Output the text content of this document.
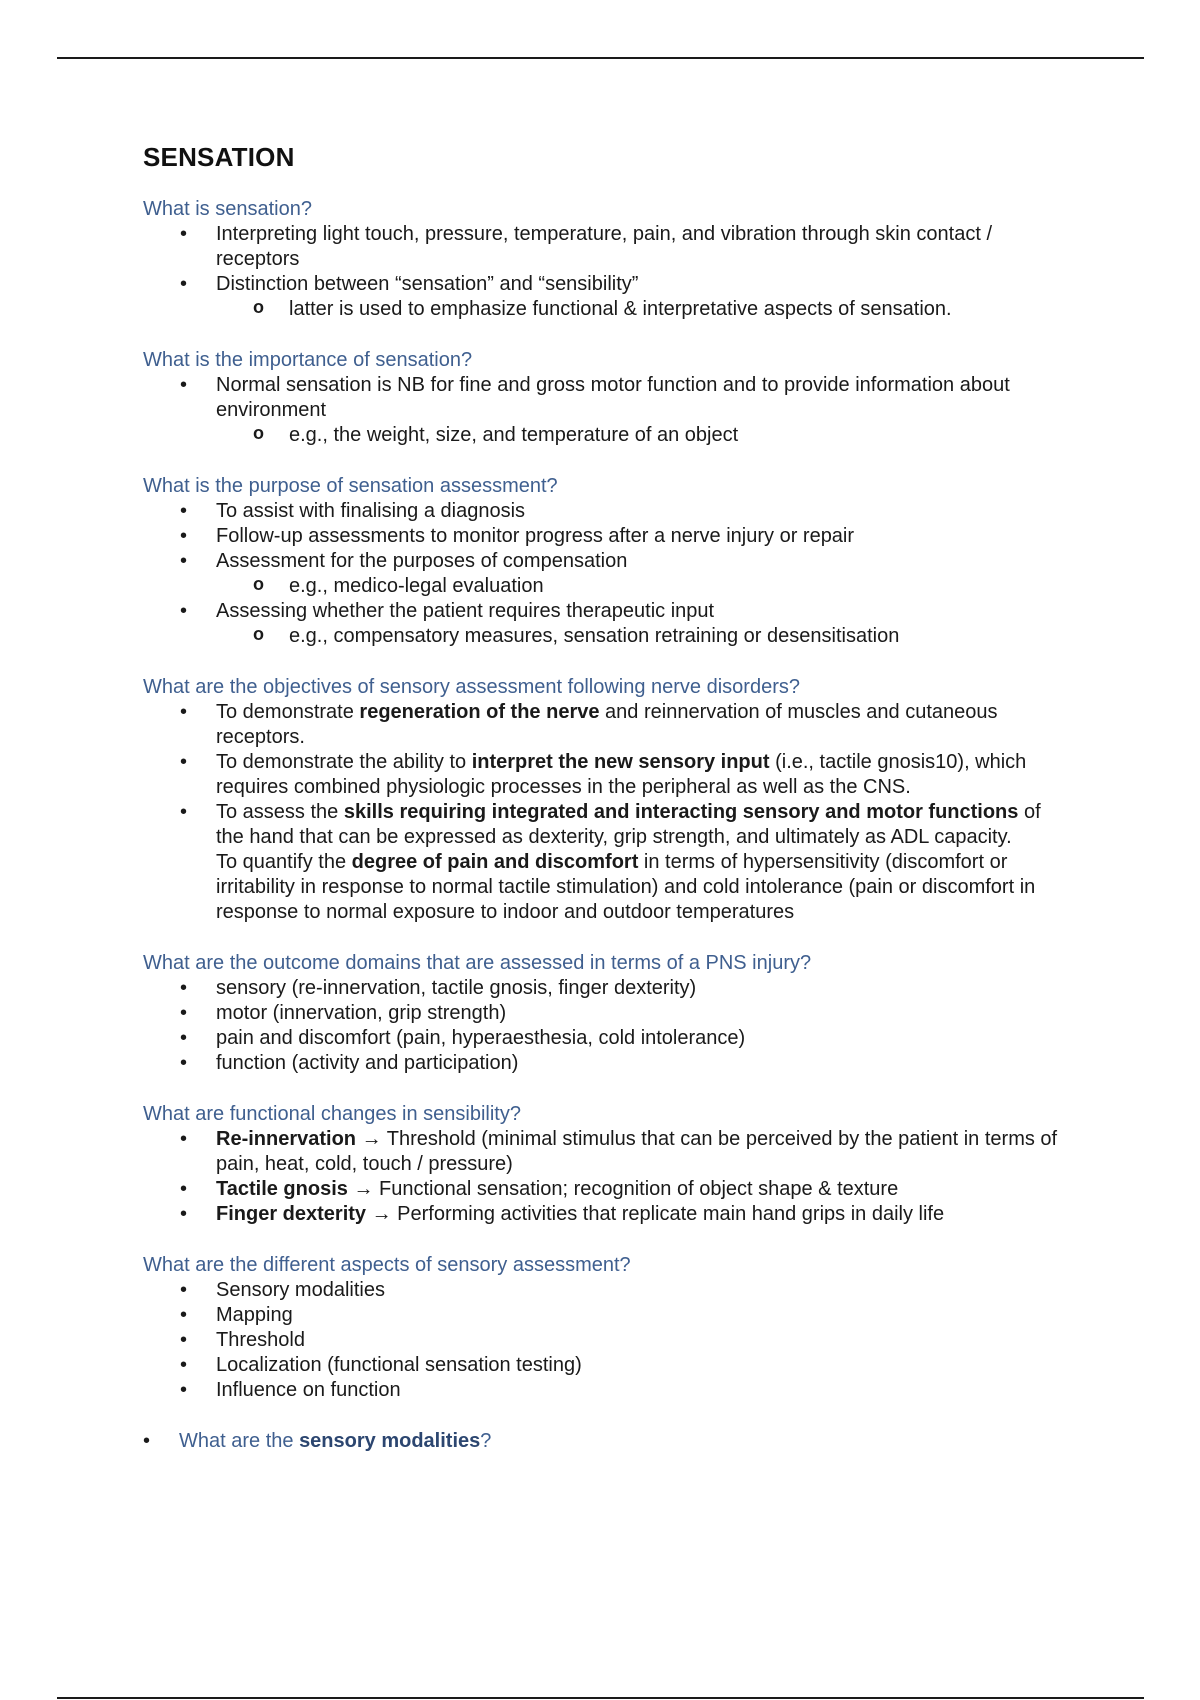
SENSATION

What is sensation?

• Interpreting light touch, pressure, temperature, pain, and vibration through skin contact / receptors
• Distinction between “sensation” and “sensibility”
o latter is used to emphasize functional & interpretative aspects of sensation.

What is the importance of sensation?

• Normal sensation is NB for fine and gross motor function and to provide information about environment
o e.g., the weight, size, and temperature of an object

What is the purpose of sensation assessment?

• To assist with finalising a diagnosis
• Follow-up assessments to monitor progress after a nerve injury or repair
• Assessment for the purposes of compensation
o e.g., medico-legal evaluation
• Assessing whether the patient requires therapeutic input
o e.g., compensatory measures, sensation retraining or desensitisation

What are the objectives of sensory assessment following nerve disorders?

• To demonstrate regeneration of the nerve and reinnervation of muscles and cutaneous receptors.
• To demonstrate the ability to interpret the new sensory input (i.e., tactile gnosis10), which requires combined physiologic processes in the peripheral as well as the CNS.
• To assess the skills requiring integrated and interacting sensory and motor functions of the hand that can be expressed as dexterity, grip strength, and ultimately as ADL capacity.
To quantify the degree of pain and discomfort in terms of hypersensitivity (discomfort or irritability in response to normal tactile stimulation) and cold intolerance (pain or discomfort in response to normal exposure to indoor and outdoor temperatures

What are the outcome domains that are assessed in terms of a PNS injury?

• sensory (re-innervation, tactile gnosis, finger dexterity)
• motor (innervation, grip strength)
• pain and discomfort (pain, hyperaesthesia, cold intolerance)
• function (activity and participation)

What are functional changes in sensibility?

• Re-innervation → Threshold (minimal stimulus that can be perceived by the patient in terms of pain, heat, cold, touch / pressure)
• Tactile gnosis → Functional sensation; recognition of object shape & texture
• Finger dexterity → Performing activities that replicate main hand grips in daily life

What are the different aspects of sensory assessment?

• Sensory modalities
• Mapping
• Threshold
• Localization (functional sensation testing)
• Influence on function
• What are the sensory modalities?
